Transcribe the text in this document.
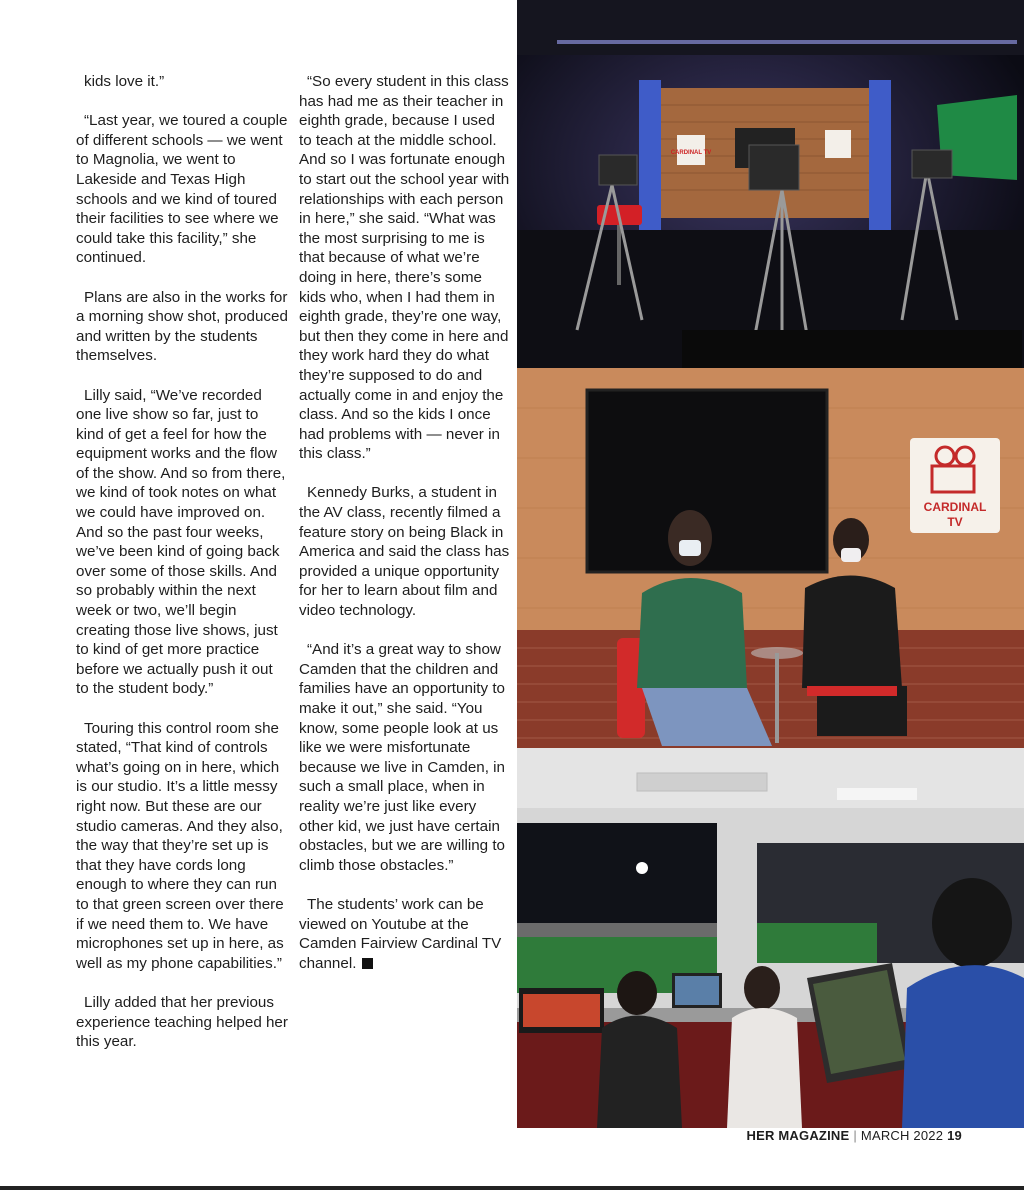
kids love it.”

“Last year, we toured a couple of different schools — we went to Magnolia, we went to Lakeside and Texas High schools and we kind of toured their facilities to see where we could take this facility,” she continued.

Plans are also in the works for a morning show shot, produced and written by the students themselves.

Lilly said, “We’ve recorded one live show so far, just to kind of get a feel for how the equipment works and the flow of the show. And so from there, we kind of took notes on what we could have improved on. And so the past four weeks, we’ve been kind of going back over some of those skills. And so probably within the next week or two, we’ll begin creating those live shows, just to kind of get more practice before we actually push it out to the student body.”

Touring this control room she stated, “That kind of controls what’s going on in here, which is our studio. It’s a little messy right now. But these are our studio cameras. And they also, the way that they’re set up is that they have cords long enough to where they can run to that green screen over there if we need them to. We have microphones set up in here, as well as my phone capabilities.”

Lilly added that her previous experience teaching helped her this year.

“So every student in this class has had me as their teacher in eighth grade, because I used to teach at the middle school. And so I was fortunate enough to start out the school year with relationships with each person in here,” she said. “What was the most surprising to me is that because of what we’re doing in here, there’s some kids who, when I had them in eighth grade, they’re one way, but then they come in here and they work hard they do what they’re supposed to do and actually come in and enjoy the class. And so the kids I once had problems with — never in this class.”

Kennedy Burks, a student in the AV class, recently filmed a feature story on being Black in America and said the class has provided a unique opportunity for her to learn about film and video technology.

“And it’s a great way to show Camden that the children and families have an opportunity to make it out,” she said. “You know, some people look at us like we were misfortunate because we live in Camden, in such a small place, when in reality we’re just like every other kid, we just have certain obstacles, but we are willing to climb those obstacles.”

The students’ work can be viewed on Youtube at the Camden Fairview Cardinal TV channel.

CARDINAL TV
CARDINAL
TV
HER MAGAZINE | MARCH 2022 19
